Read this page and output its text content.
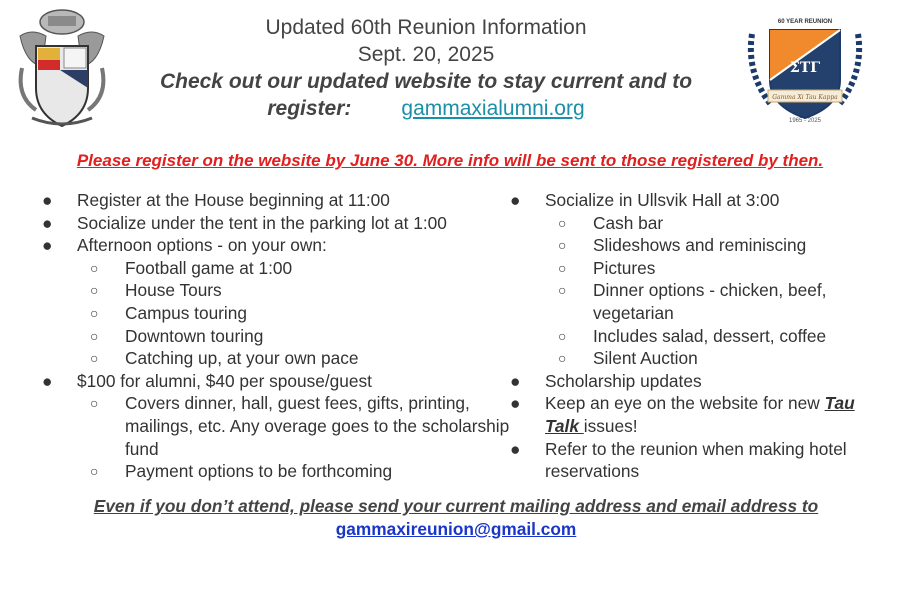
60 YEAR REUNION
ΣΤΓ
Gamma Xi Tau Kappa
1965 - 2025
Updated 60th Reunion Information
Sept. 20, 2025
Check out our updated website to stay current and to
register: gammaxialumni.org
Please register on the website by June 30. More info will be sent to those registered by then.
●	Register at the House beginning at 11:00
●	Socialize under the tent in the parking lot at 1:00
●	Afternoon options - on your own:
○ Football game at 1:00
○ House Tours
○ Campus touring
○ Downtown touring
○ Catching up, at your own pace
●	$100 for alumni, $40 per spouse/guest
○ Covers dinner, hall, guest fees, gifts, printing, mailings, etc. Any overage goes to the scholarship fund
○ Payment options to be forthcoming
●	Socialize in Ullsvik Hall at 3:00
○ Cash bar
○ Slideshows and reminiscing
○ Pictures
○ Dinner options - chicken, beef, vegetarian
○ Includes salad, dessert, coffee
○ Silent Auction
●	Scholarship updates
●	Keep an eye on the website for new Tau Talk issues!
●	Refer to the reunion when making hotel reservations
Even if you don’t attend, please send your current mailing address and email address to
gammaxireunion@gmail.com
